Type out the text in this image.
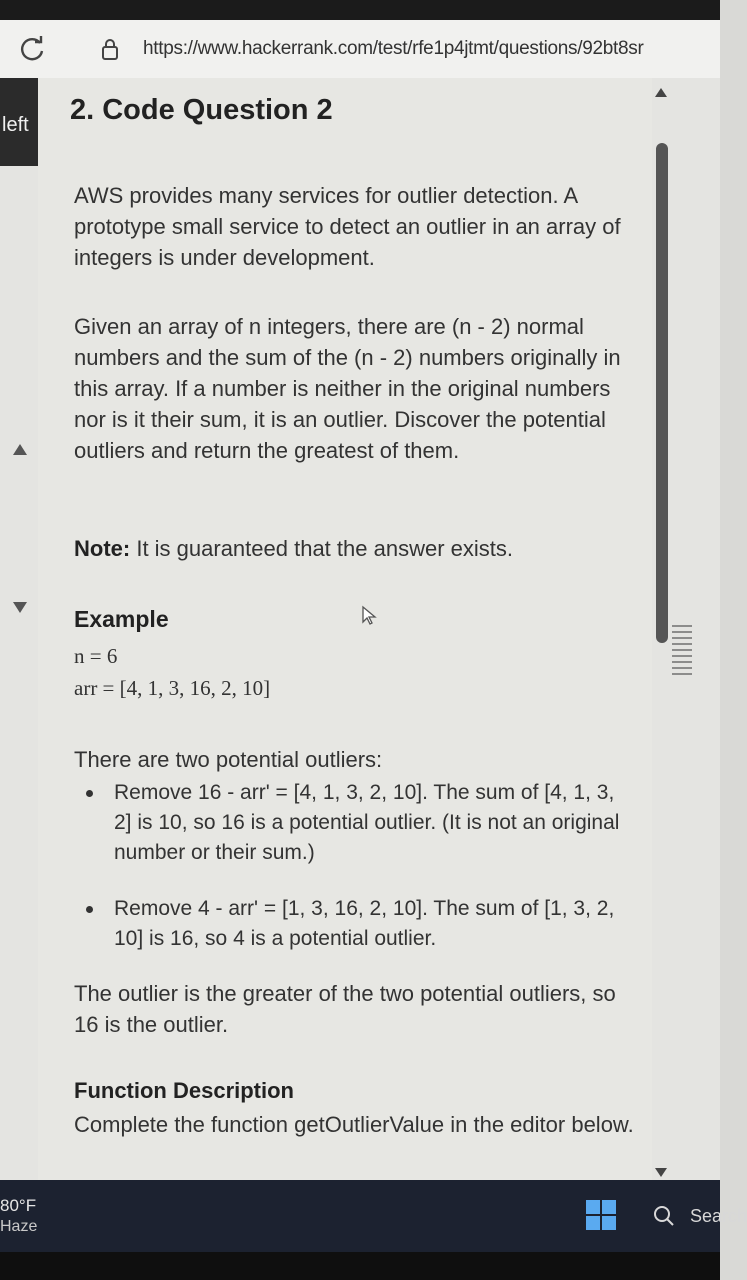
https://www.hackerrank.com/test/rfe1p4jtmt/questions/92bt8sr
left 2. Code Question 2
AWS provides many services for outlier detection. A prototype small service to detect an outlier in an array of integers is under development.
Given an array of n integers, there are (n - 2) normal numbers and the sum of the (n - 2) numbers originally in this array. If a number is neither in the original numbers nor is it their sum, it is an outlier. Discover the potential outliers and return the greatest of them.
Note: It is guaranteed that the answer exists.
Example
n = 6
arr = [4, 1, 3, 16, 2, 10]
There are two potential outliers:
Remove 16 - arr' = [4, 1, 3, 2, 10]. The sum of [4, 1, 3, 2] is 10, so 16 is a potential outlier. (It is not an original number or their sum.)
Remove 4 - arr' = [1, 3, 16, 2, 10]. The sum of [1, 3, 2, 10] is 16, so 4 is a potential outlier.
The outlier is the greater of the two potential outliers, so 16 is the outlier.
Function Description
Complete the function getOutlierValue in the editor below.
80°F
Haze
Search
